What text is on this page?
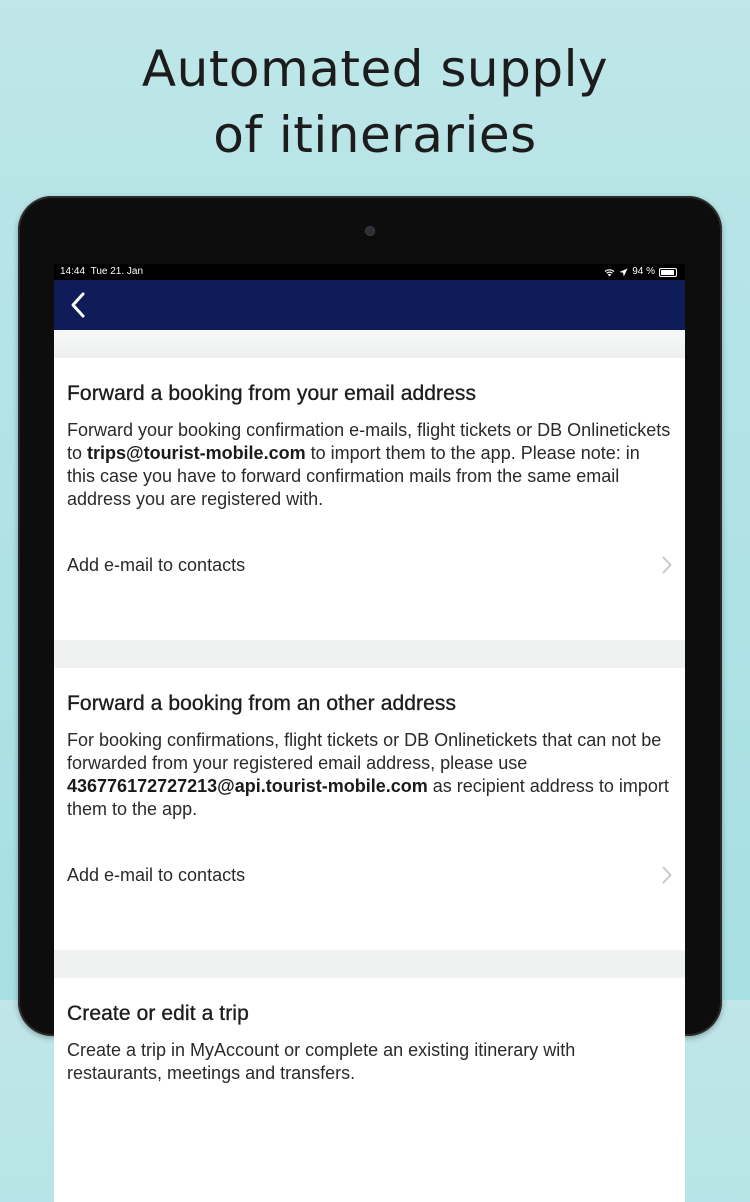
Automated supply
of itineraries
14:44 Tue 21. Jan	94 %
Forward a booking from your email address

Forward your booking confirmation e-mails, flight tickets or DB Onlinetickets to trips@tourist-mobile.com to import them to the app. Please note: in this case you have to forward confirmation mails from the same email address you are registered with.

Add e-mail to contacts
Forward a booking from an other address

For booking confirmations, flight tickets or DB Onlinetickets that can not be forwarded from your registered email address, please use 436776172727213@api.tourist-mobile.com as recipient address to import them to the app.

Add e-mail to contacts
Create or edit a trip

Create a trip in MyAccount or complete an existing itinerary with restaurants, meetings and transfers.
